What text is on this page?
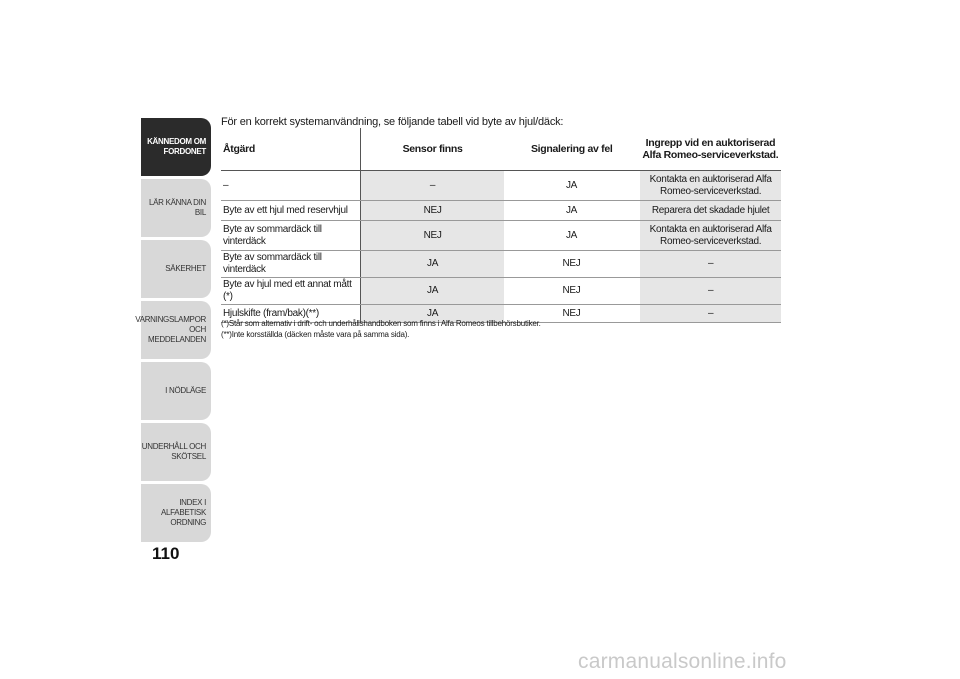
KÄNNEDOM OM FORDONET
LÄR KÄNNA DIN BIL
SÄKERHET
VARNINGSLAMPOR OCH MEDDELANDEN
I NÖDLÄGE
UNDERHÅLL OCH SKÖTSEL
INDEX I ALFABETISK ORDNING
110
För en korrekt systemanvändning, se följande tabell vid byte av hjul/däck:
Åtgärd	Sensor finns	Signalering av fel	Ingrepp vid en auktoriserad Alfa Romeo-serviceverkstad.
–	–	JA	Kontakta en auktoriserad Alfa Romeo-serviceverkstad.
Byte av ett hjul med reservhjul	NEJ	JA	Reparera det skadade hjulet
Byte av sommardäck till vinterdäck	NEJ	JA	Kontakta en auktoriserad Alfa Romeo-serviceverkstad.
Byte av sommardäck till vinterdäck	JA	NEJ	–
Byte av hjul med ett annat mått (*)	JA	NEJ	–
Hjulskifte (fram/bak)(**)	JA	NEJ	–
(*)Står som alternativ i drift- och underhållshandboken som finns i Alfa Romeos tillbehörsbutiker.
(**)Inte korsställda (däcken måste vara på samma sida).
carmanualsonline.info
